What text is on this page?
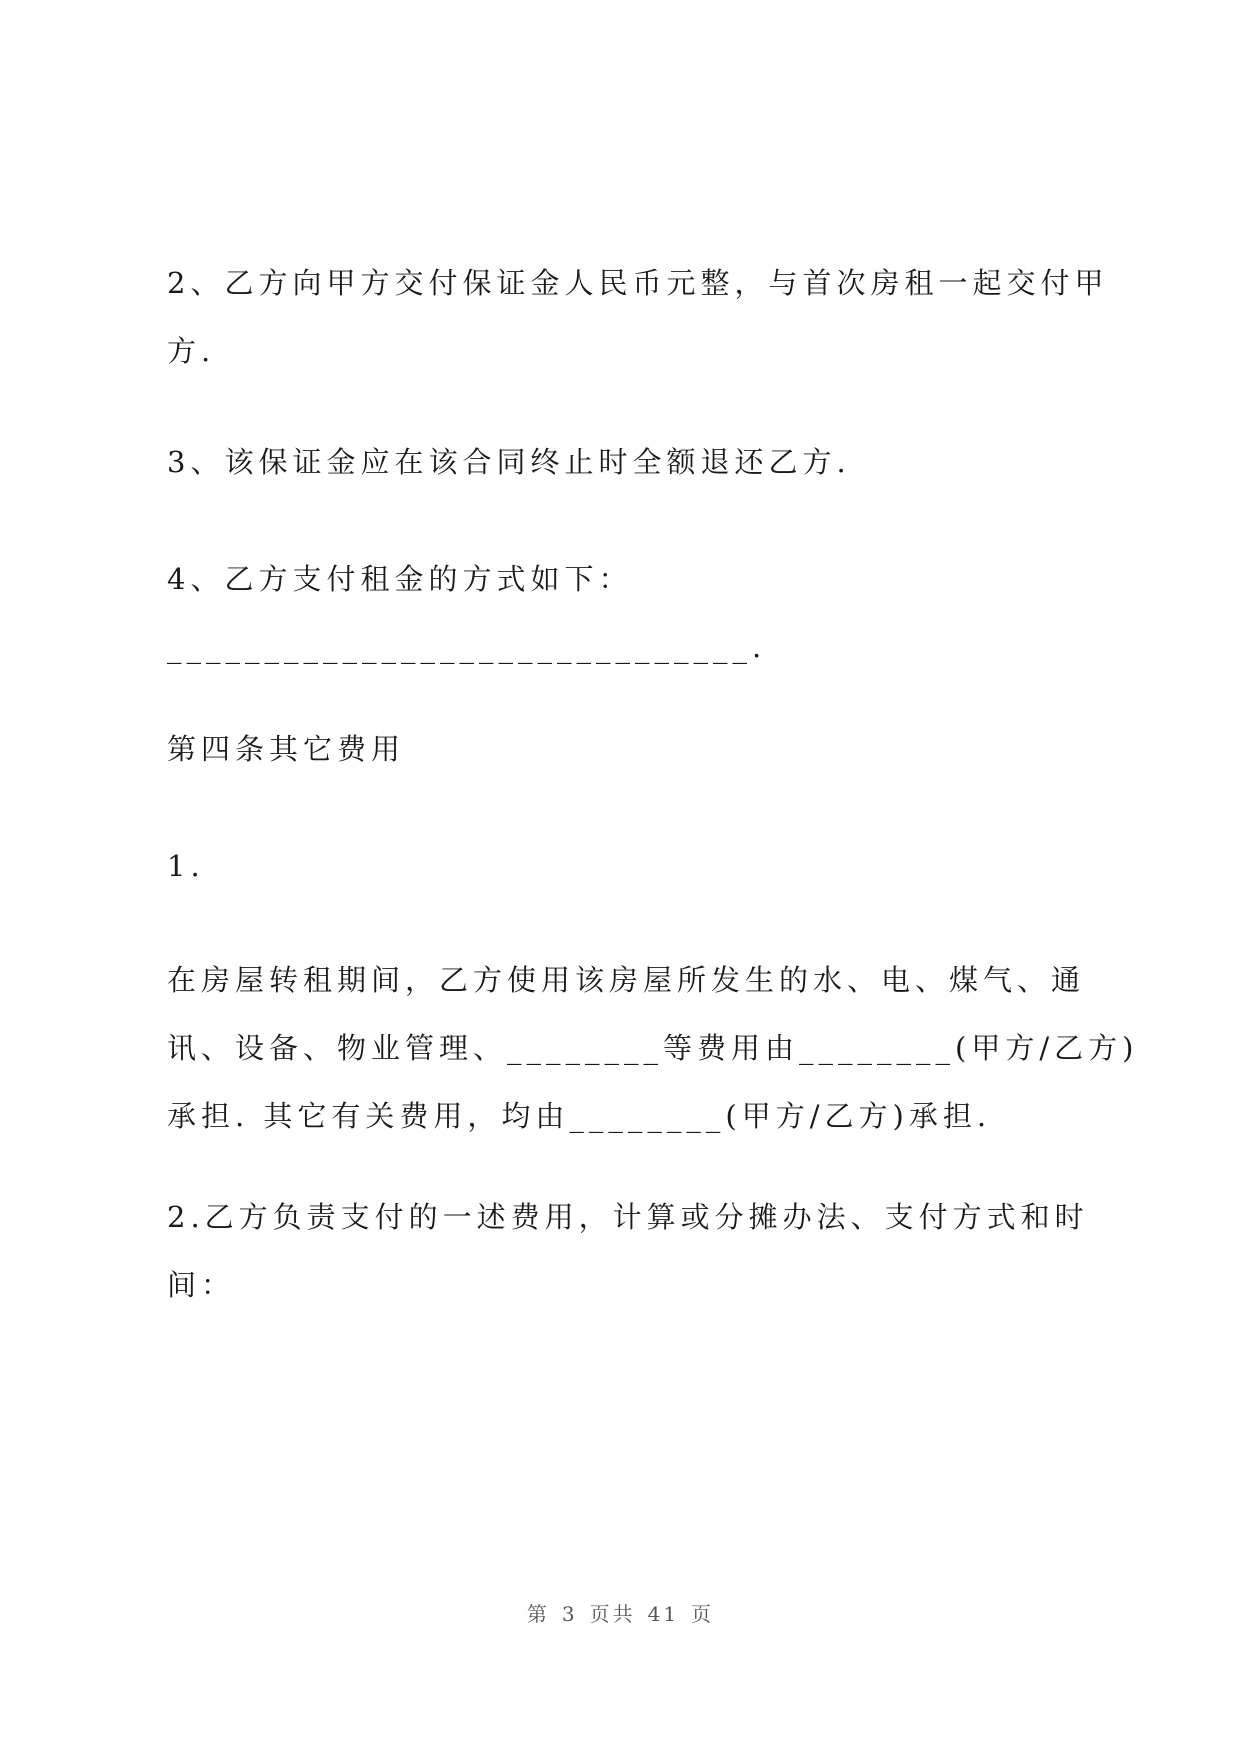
2、乙方向甲方交付保证金人民币元整，与首次房租一起交付甲
方.

3、该保证金应在该合同终止时全额退还乙方.

4、乙方支付租金的方式如下：
______________________________.

第四条其它费用

1.

在房屋转租期间，乙方使用该房屋所发生的水、电、煤气、通
讯、设备、物业管理、________等费用由________(甲方/乙方)
承担. 其它有关费用，均由________(甲方/乙方)承担.

2.乙方负责支付的一述费用，计算或分摊办法、支付方式和时
间：

第 3 页共 41 页
